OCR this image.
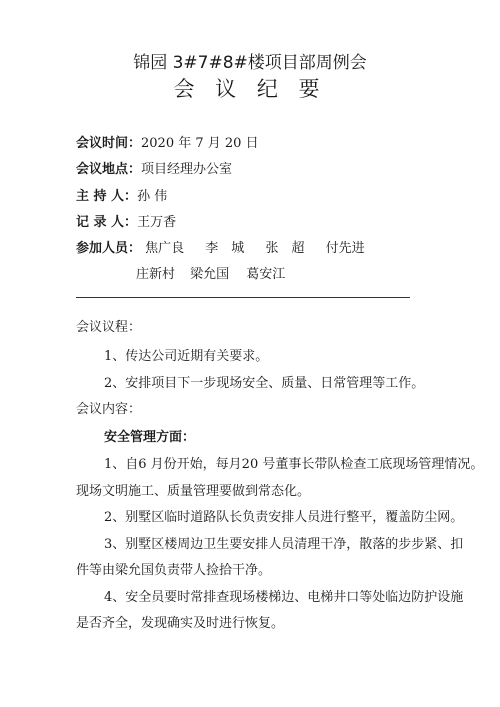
锦园 3#7#8#楼项目部周例会
会 议 纪 要
会议时间：2020 年 7 月 20 日
会议地点：项目经理办公室
主 持 人：孙 伟
记 录 人：王万香
参加人员： 焦广良 李　城 张　超 付先进
庄新村 梁允国 葛安江
会议议程：
1、传达公司近期有关要求。
2、安排项目下一步现场安全、质量、日常管理等工作。
会议内容：
安全管理方面：
1、自6 月份开始，每月20 号董事长带队检查工底现场管理情况。
现场文明施工、质量管理要做到常态化。
2、别墅区临时道路队长负责安排人员进行整平，覆盖防尘网。
3、别墅区楼周边卫生要安排人员清理干净，散落的步步紧、扣
件等由梁允国负责带人捡拾干净。
4、安全员要时常排查现场楼梯边、电梯井口等处临边防护设施
是否齐全，发现确实及时进行恢复。
